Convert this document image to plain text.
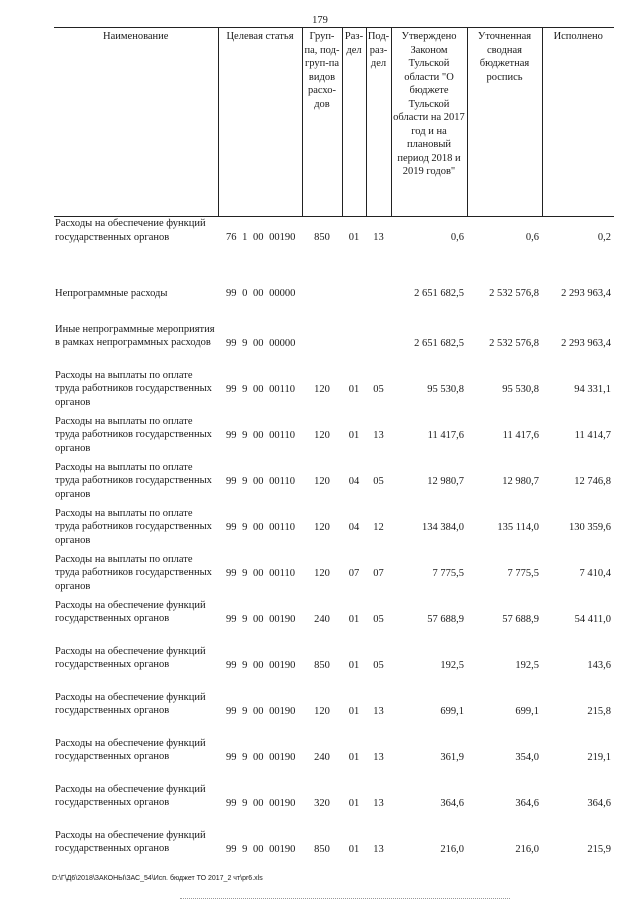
179
Наименование	Целевая статья	Груп-па, под-груп-па видов расхо-дов	Раз-дел	Под-раз-дел	Утверждено Законом Тульской области "О бюджете Тульской области на 2017 год и на плановый период 2018 и 2019 годов"	Уточненная сводная бюджетная роспись	Исполнено
Расходы на обеспечение функций государственных органов	76 1 00 00190	850	01	13	0,6	0,6	0,2

Непрограммные расходы	99 0 00 00000				2 651 682,5	2 532 576,8	2 293 963,4

Иные непрограммные мероприятия в рамках непрограммных расходов	99 9 00 00000				2 651 682,5	2 532 576,8	2 293 963,4
Расходы на выплаты по оплате труда работников государственных органов	99 9 00 00110	120	01	05	95 530,8	95 530,8	94 331,1
Расходы на выплаты по оплате труда работников государственных органов	99 9 00 00110	120	01	13	11 417,6	11 417,6	11 414,7
Расходы на выплаты по оплате труда работников государственных органов	99 9 00 00110	120	04	05	12 980,7	12 980,7	12 746,8
Расходы на выплаты по оплате труда работников государственных органов	99 9 00 00110	120	04	12	134 384,0	135 114,0	130 359,6
Расходы на выплаты по оплате труда работников государственных органов	99 9 00 00110	120	07	07	7 775,5	7 775,5	7 410,4
Расходы на обеспечение функций государственных органов	99 9 00 00190	240	01	05	57 688,9	57 688,9	54 411,0
Расходы на обеспечение функций государственных органов	99 9 00 00190	850	01	05	192,5	192,5	143,6
Расходы на обеспечение функций государственных органов	99 9 00 00190	120	01	13	699,1	699,1	215,8
Расходы на обеспечение функций государственных органов	99 9 00 00190	240	01	13	361,9	354,0	219,1
Расходы на обеспечение функций государственных органов	99 9 00 00190	320	01	13	364,6	364,6	364,6
Расходы на обеспечение функций государственных органов	99 9 00 00190	850	01	13	216,0	216,0	215,9
D:\Г\Д6\2018\ЗАКОНЫ\ЗАС_54\Исп. бюджет ТО 2017_2 чт\pr6.xls
